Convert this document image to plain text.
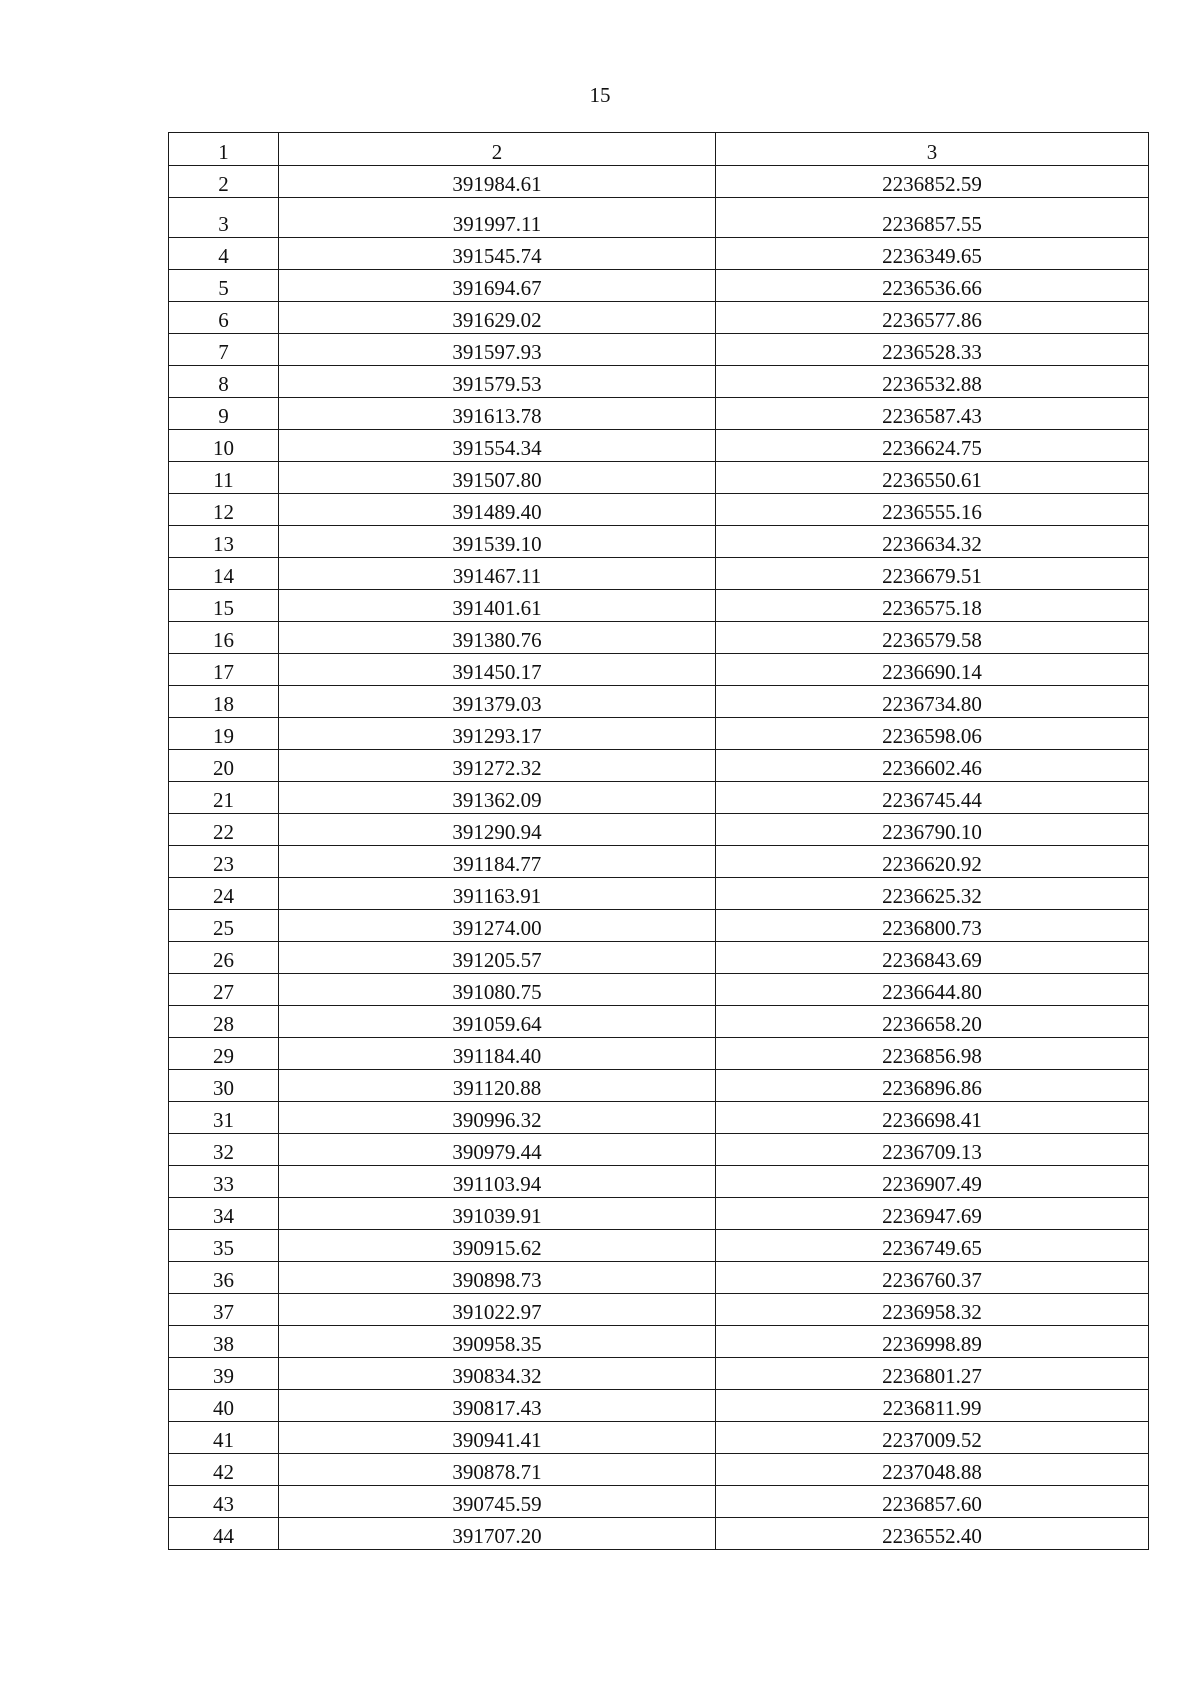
15
1	2	3
2	391984.61	2236852.59
3	391997.11	2236857.55
4	391545.74	2236349.65
5	391694.67	2236536.66
6	391629.02	2236577.86
7	391597.93	2236528.33
8	391579.53	2236532.88
9	391613.78	2236587.43
10	391554.34	2236624.75
11	391507.80	2236550.61
12	391489.40	2236555.16
13	391539.10	2236634.32
14	391467.11	2236679.51
15	391401.61	2236575.18
16	391380.76	2236579.58
17	391450.17	2236690.14
18	391379.03	2236734.80
19	391293.17	2236598.06
20	391272.32	2236602.46
21	391362.09	2236745.44
22	391290.94	2236790.10
23	391184.77	2236620.92
24	391163.91	2236625.32
25	391274.00	2236800.73
26	391205.57	2236843.69
27	391080.75	2236644.80
28	391059.64	2236658.20
29	391184.40	2236856.98
30	391120.88	2236896.86
31	390996.32	2236698.41
32	390979.44	2236709.13
33	391103.94	2236907.49
34	391039.91	2236947.69
35	390915.62	2236749.65
36	390898.73	2236760.37
37	391022.97	2236958.32
38	390958.35	2236998.89
39	390834.32	2236801.27
40	390817.43	2236811.99
41	390941.41	2237009.52
42	390878.71	2237048.88
43	390745.59	2236857.60
44	391707.20	2236552.40
